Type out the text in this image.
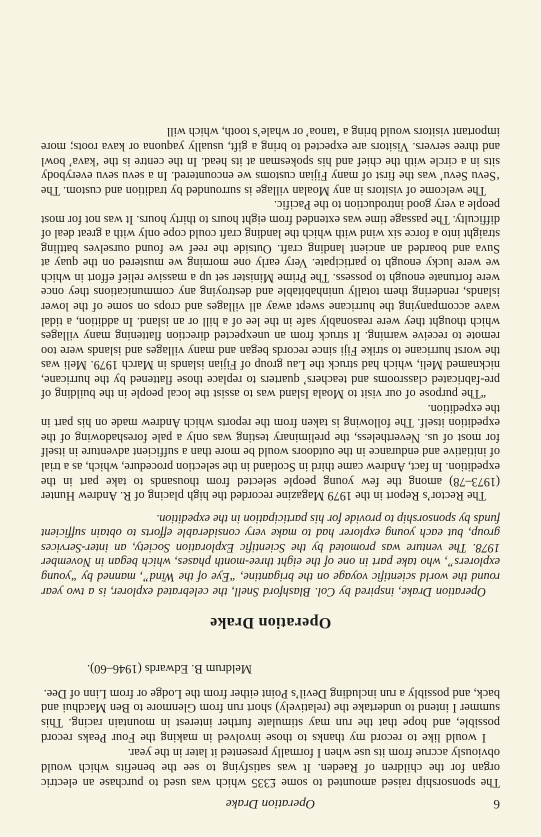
6
Operation Drake

The sponsorship raised amounted to some £335 which was used to purchase an electric organ for the children of Raeden. It was satisfying to see the benefits which would obviously accrue from its use when I formally presented it later in the year.

I would like to record my thanks to those involved in making the Four Peaks record possible, and hope that the run may stimulate further interest in mountain racing. This summer I intend to undertake the (relatively) short run from Glenmore to Ben Macdhui and back, and possibly a run including Devil’s Point either from the Lodge or from Linn of Dee.

Meldrum B. Edwards (1946–60).
Operation Drake

Operation Drake, inspired by Col. Blashford Snell, the celebrated explorer, is a two year round the world scientific voyage on the brigantine, “Eye of the Wind”, manned by “young explorers”, who take part in one of the eight three-month phases, which began in November 1978. The venture was promoted by the Scientific Exploration Society, an inter-Services group, but each young explorer had to make very considerable efforts to obtain sufficient funds by sponsorship to provide for his participation in the expedition.

The Rector’s Report in the 1979 Magazine recorded the high placing of R. Andrew Hunter (1973–78) among the few young people selected from thousands to take part in the expedition. In fact, Andrew came third in Scotland in the selection procedure, which, as a trial of initiative and endurance in the outdoors would be more than a sufficient adventure in itself for most of us. Nevertheless, the preliminary testing was only a pale foreshadowing of the expedition itself. The following is taken from the reports which Andrew made on his part in the expedition.

“The purpose of our visit to Moala Island was to assist the local people in the building of pre-fabricated classrooms and teachers’ quarters to replace those flattened by the hurricane, nicknamed Meli, which had struck the Lau group of Fijian islands in March 1979. Meli was the worst hurricane to strike Fiji since records began and many villages and islands were too remote to receive warning. It struck from an unexpected direction flattening many villages which thought they were reasonably safe in the lee of a hill or an island. In addition, a tidal wave accompanying the hurricane swept away all villages and crops on some of the lower islands, rendering them totally uninhabitable and destroying any communications they once were fortunate enough to possess. The Prime Minister set up a massive relief effort in which we were lucky enough to participate. Very early one morning we mustered on the quay at Suva and boarded an ancient landing craft. Outside the reef we found ourselves battling straight into a force six wind with which the landing craft could cope only with a great deal of difficulty. The passage time was extended from eight hours to thirty hours. It was not for most people a very good introduction to the Pacific.

The welcome of visitors in any Moalan village is surrounded by tradition and custom. The ‘Sevu Sevu’ was the first of many Fijian customs we encountered. In a sevu sevu everybody sits in a circle with the chief and his spokesman at its head. In the centre is the ‘kava’ bowl and three servers. Visitors are expected to bring a gift, usually yaquona or kava roots; more important visitors would bring a ‘tanoa’ or whale’s tooth, which will
